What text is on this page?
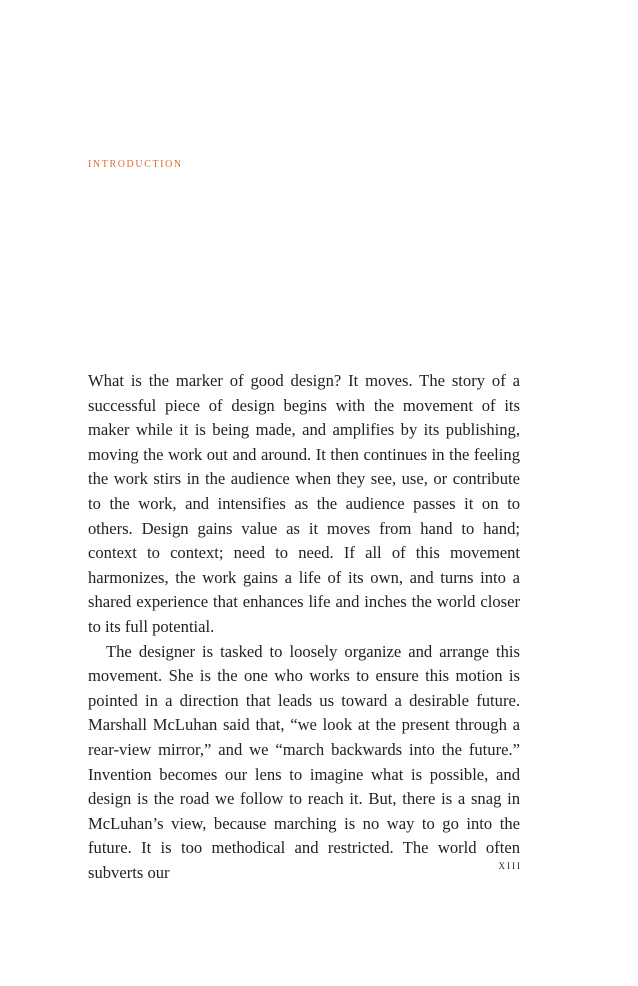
introduction

What is the marker of good design? It moves. The story of a successful piece of design begins with the movement of its maker while it is being made, and amplifies by its publishing, moving the work out and around. It then continues in the feeling the work stirs in the audience when they see, use, or contribute to the work, and intensifies as the audience passes it on to others. Design gains value as it moves from hand to hand; context to context; need to need. If all of this movement harmonizes, the work gains a life of its own, and turns into a shared experience that enhances life and inches the world closer to its full potential.

The designer is tasked to loosely organize and arrange this movement. She is the one who works to ensure this motion is pointed in a direction that leads us toward a desirable future. Marshall McLuhan said that, “we look at the present through a rear-view mirror,” and we “march backwards into the future.” Invention becomes our lens to imagine what is possible, and design is the road we follow to reach it. But, there is a snag in McLuhan’s view, because marching is no way to go into the future. It is too methodical and restricted. The world often subverts our	xiii
